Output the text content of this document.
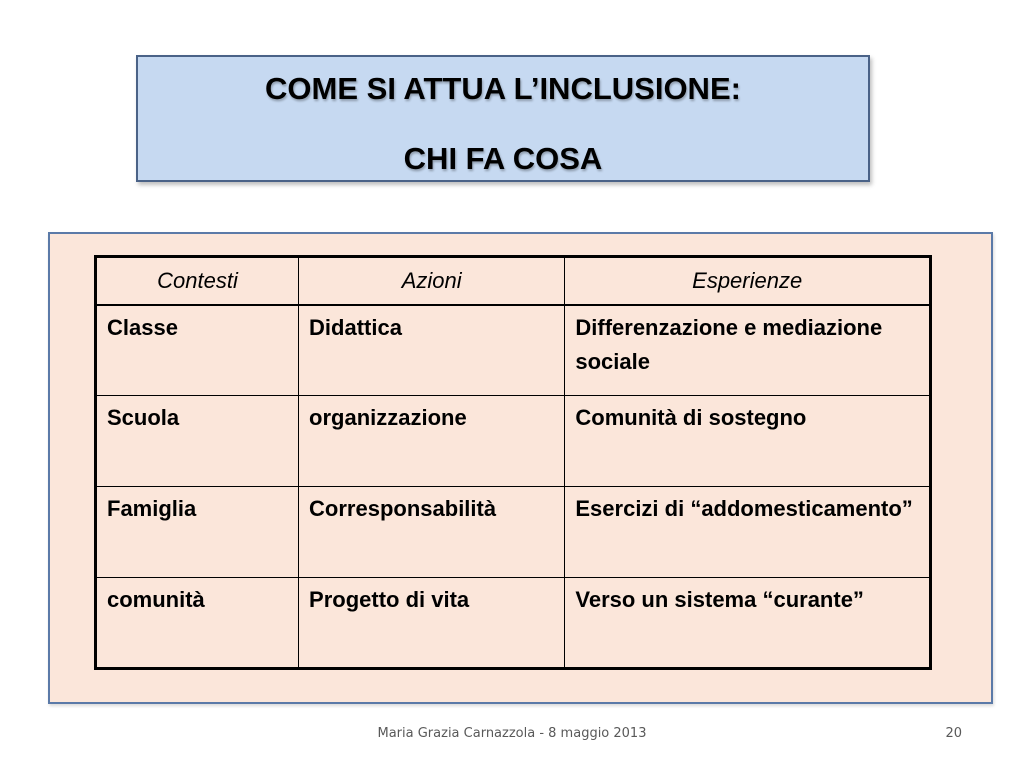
COME SI ATTUA L’INCLUSIONE:
CHI FA COSA
Contesti	Azioni	Esperienze
Classe	Didattica	Differenzazione e mediazione sociale
Scuola	organizzazione	Comunità di sostegno
Famiglia	Corresponsabilità	Esercizi di “addomesticamento”
comunità	Progetto di vita	Verso un sistema “curante”
Maria Grazia Carnazzola - 8 maggio 2013	20
